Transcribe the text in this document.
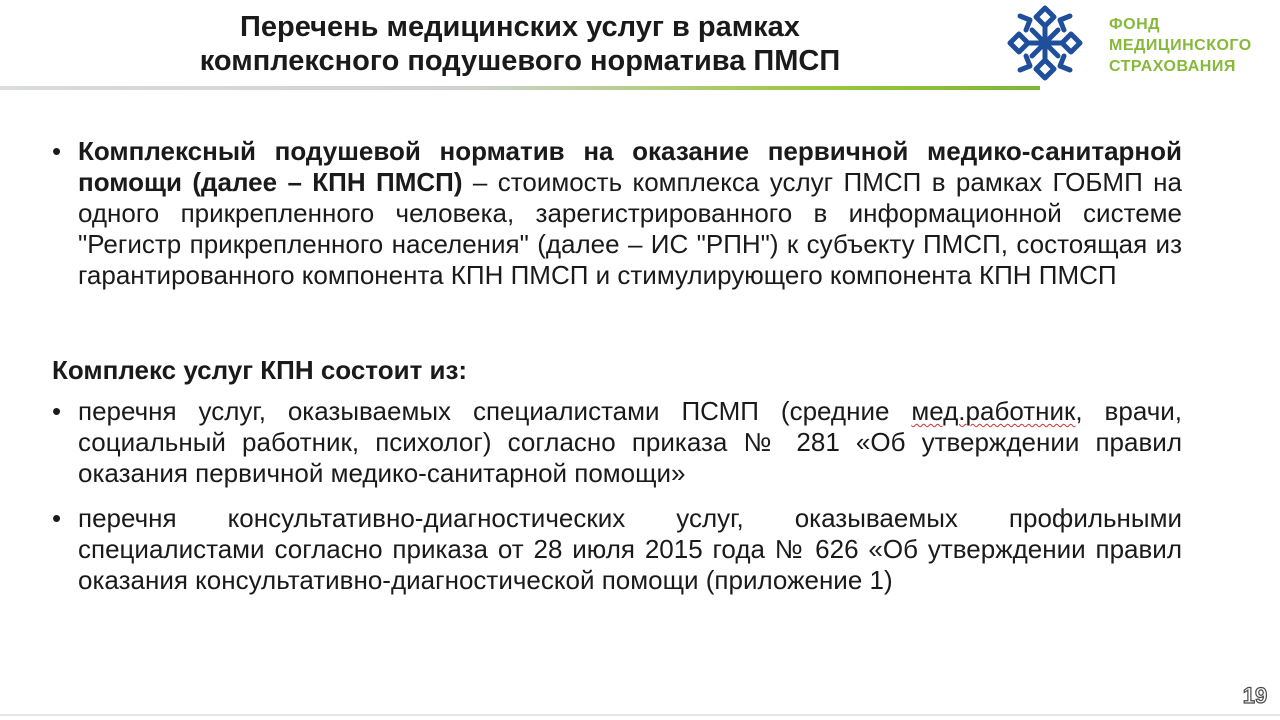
Перечень медицинских услуг в рамках
комплексного подушевого норматива ПМСП
ФОНД
МЕДИЦИНСКОГО
СТРАХОВАНИЯ
• Комплексный подушевой норматив на оказание первичной медико-санитарной помощи (далее – КПН ПМСП) – стоимость комплекса услуг ПМСП в рамках ГОБМП на одного прикрепленного человека, зарегистрированного в информационной системе "Регистр прикрепленного населения" (далее – ИС "РПН") к субъекту ПМСП, состоящая из гарантированного компонента КПН ПМСП и стимулирующего компонента КПН ПМСП
Комплекс услуг КПН состоит из:
• перечня услуг, оказываемых специалистами ПСМП (средние мед.работник, врачи, социальный работник, психолог) согласно приказа № 281 «Об утверждении правил оказания первичной медико-санитарной помощи»
• перечня консультативно-диагностических услуг, оказываемых профильными специалистами согласно приказа от 28 июля 2015 года № 626 «Об утверждении правил оказания консультативно-диагностической помощи (приложение 1)
19
